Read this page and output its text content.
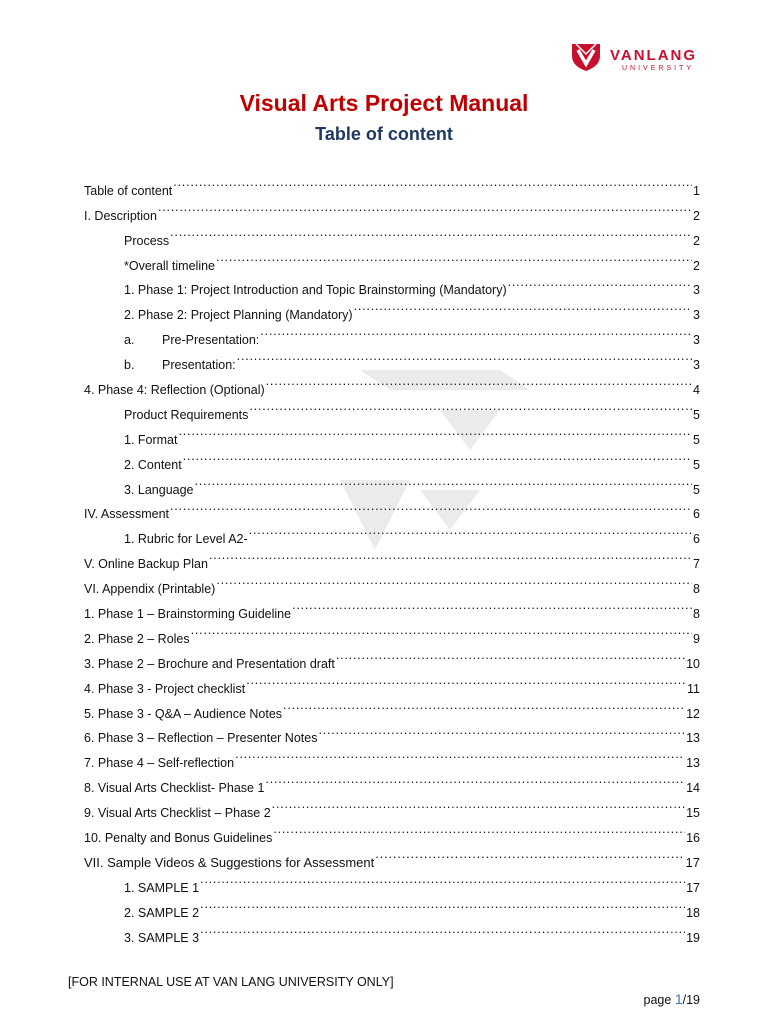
VANLANG
UNIVERSITY
Visual Arts Project Manual
Table of content
Table of content .....	1
I. Description .....	2
Process .....	2
*Overall timeline .....	2
1. Phase 1: Project Introduction and Topic Brainstorming (Mandatory) .....	3
2. Phase 2: Project Planning (Mandatory) .....	3
a.	Pre-Presentation: .....	3
b.	Presentation: .....	3
4. Phase 4: Reflection (Optional) .....	4
Product Requirements .....	5
1. Format .....	5
2. Content .....	5
3. Language .....	5
IV. Assessment .....	6
1. Rubric for Level A2- .....	6
V. Online Backup Plan .....	7
VI. Appendix (Printable) .....	8
1. Phase 1 – Brainstorming Guideline .....	8
2. Phase 2 – Roles .....	9
3. Phase 2 – Brochure and Presentation draft .....	10
4. Phase 3 - Project checklist .....	11
5. Phase 3 - Q&A – Audience Notes .....	12
6. Phase 3 – Reflection – Presenter Notes .....	13
7. Phase 4 – Self-reflection .....	13
8. Visual Arts Checklist- Phase 1 .....	14
9. Visual Arts Checklist – Phase 2 .....	15
10. Penalty and Bonus Guidelines .....	16
VII. Sample Videos & Suggestions for Assessment .....	17
1. SAMPLE 1 .....	17
2. SAMPLE 2 .....	18
3. SAMPLE 3 .....	19
[FOR INTERNAL USE AT VAN LANG UNIVERSITY ONLY]
page 1/19
